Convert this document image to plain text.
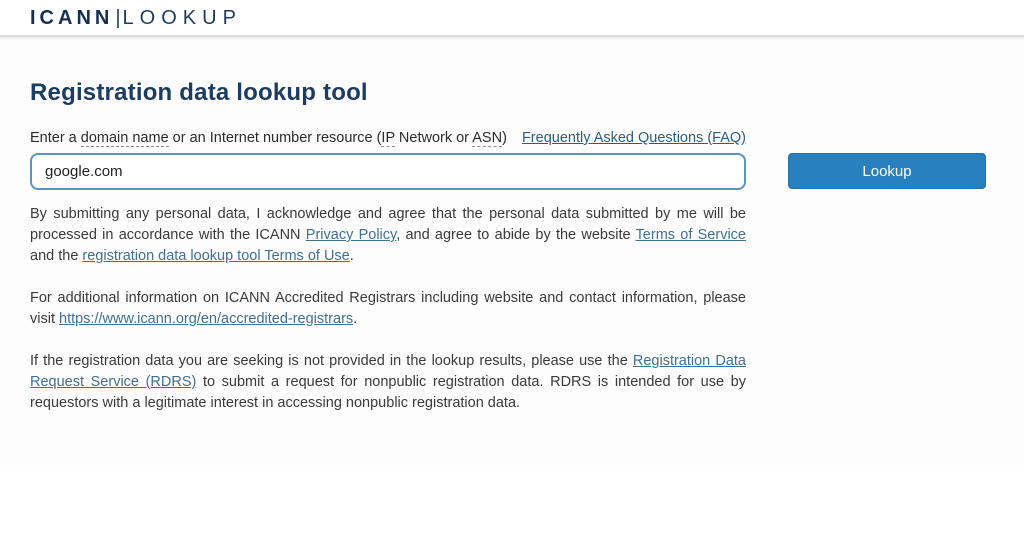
ICANN | LOOKUP
Registration data lookup tool
Enter a domain name or an Internet number resource (IP Network or ASN) Frequently Asked Questions (FAQ)
google.com
Lookup

By submitting any personal data, I acknowledge and agree that the personal data submitted by me will be processed in accordance with the ICANN Privacy Policy, and agree to abide by the website Terms of Service and the registration data lookup tool Terms of Use.

For additional information on ICANN Accredited Registrars including website and contact information, please visit https://www.icann.org/en/accredited-registrars.

If the registration data you are seeking is not provided in the lookup results, please use the Registration Data Request Service (RDRS) to submit a request for nonpublic registration data. RDRS is intended for use by requestors with a legitimate interest in accessing nonpublic registration data.
